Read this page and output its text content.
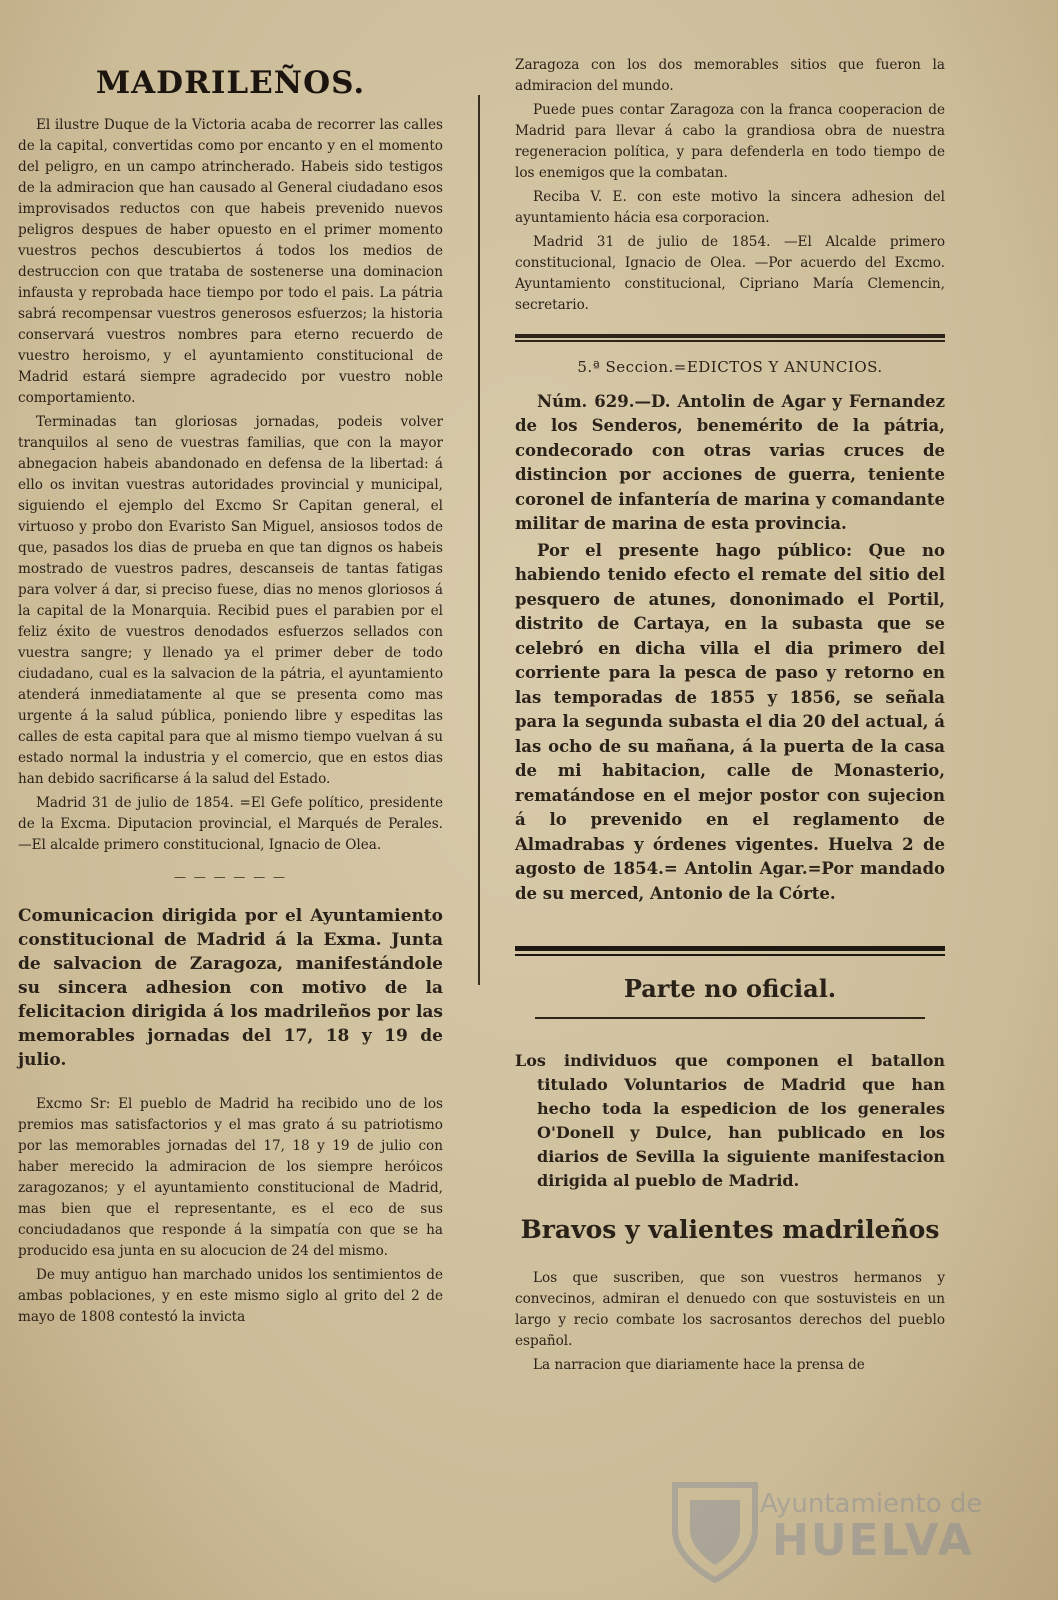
MADRILEÑOS.

El ilustre Duque de la Victoria acaba de recorrer las calles de la capital, convertidas como por encanto y en el momento del peligro, en un campo atrincherado. Habeis sido testigos de la admiracion que han causado al General ciudadano esos improvisados reductos con que habeis prevenido nuevos peligros despues de haber opuesto en el primer momento vuestros pechos descubiertos á todos los medios de destruccion con que trataba de sostenerse una dominacion infausta y reprobada hace tiempo por todo el pais. La pátria sabrá recompensar vuestros generosos esfuerzos; la historia conservará vuestros nombres para eterno recuerdo de vuestro heroismo, y el ayuntamiento constitucional de Madrid estará siempre agradecido por vuestro noble comportamiento.

Terminadas tan gloriosas jornadas, podeis volver tranquilos al seno de vuestras familias, que con la mayor abnegacion habeis abandonado en defensa de la libertad: á ello os invitan vuestras autoridades provincial y municipal, siguiendo el ejemplo del Excmo Sr Capitan general, el virtuoso y probo don Evaristo San Miguel, ansiosos todos de que, pasados los dias de prueba en que tan dignos os habeis mostrado de vuestros padres, descanseis de tantas fatigas para volver á dar, si preciso fuese, dias no menos gloriosos á la capital de la Monarquia. Recibid pues el parabien por el feliz éxito de vuestros denodados esfuerzos sellados con vuestra sangre; y llenado ya el primer deber de todo ciudadano, cual es la salvacion de la pátria, el ayuntamiento atenderá inmediatamente al que se presenta como mas urgente á la salud pública, poniendo libre y espeditas las calles de esta capital para que al mismo tiempo vuelvan á su estado normal la industria y el comercio, que en estos dias han debido sacrificarse á la salud del Estado.

Madrid 31 de julio de 1854. =El Gefe político, presidente de la Excma. Diputacion provincial, el Marqués de Perales. —El alcalde primero constitucional, Ignacio de Olea.

— — — — — —
Comunicacion dirigida por el Ayuntamiento constitucional de Madrid á la Exma. Junta de salvacion de Zaragoza, manifestándole su sincera adhesion con motivo de la felicitacion dirigida á los madrileños por las memorables jornadas del 17, 18 y 19 de julio.

Excmo Sr: El pueblo de Madrid ha recibido uno de los premios mas satisfactorios y el mas grato á su patriotismo por las memorables jornadas del 17, 18 y 19 de julio con haber merecido la admiracion de los siempre heróicos zaragozanos; y el ayuntamiento constitucional de Madrid, mas bien que el representante, es el eco de sus conciudadanos que responde á la simpatía con que se ha producido esa junta en su alocucion de 24 del mismo.

De muy antiguo han marchado unidos los sentimientos de ambas poblaciones, y en este mismo siglo al grito del 2 de mayo de 1808 contestó la invicta

Zaragoza con los dos memorables sitios que fueron la admiracion del mundo.

Puede pues contar Zaragoza con la franca cooperacion de Madrid para llevar á cabo la grandiosa obra de nuestra regeneracion política, y para defenderla en todo tiempo de los enemigos que la combatan.

Reciba V. E. con este motivo la sincera adhesion del ayuntamiento hácia esa corporacion.

Madrid 31 de julio de 1854. —El Alcalde primero constitucional, Ignacio de Olea. —Por acuerdo del Excmo. Ayuntamiento constitucional, Cipriano María Clemencin, secretario.

5.ª Seccion.=EDICTOS Y ANUNCIOS.

Núm. 629.—D. Antolin de Agar y Fernandez de los Senderos, benemérito de la pátria, condecorado con otras varias cruces de distincion por acciones de guerra, teniente coronel de infantería de marina y comandante militar de marina de esta provincia.

Por el presente hago público: Que no habiendo tenido efecto el remate del sitio del pesquero de atunes, dononimado el Portil, distrito de Cartaya, en la subasta que se celebró en dicha villa el dia primero del corriente para la pesca de paso y retorno en las temporadas de 1855 y 1856, se señala para la segunda subasta el dia 20 del actual, á las ocho de su mañana, á la puerta de la casa de mi habitacion, calle de Monasterio, rematándose en el mejor postor con sujecion á lo prevenido en el reglamento de Almadrabas y órdenes vigentes. Huelva 2 de agosto de 1854.= Antolin Agar.=Por mandado de su merced, Antonio de la Córte.

Parte no oficial.

Los individuos que componen el batallon titulado Voluntarios de Madrid que han hecho toda la espedicion de los generales O'Donell y Dulce, han publicado en los diarios de Sevilla la siguiente manifestacion dirigida al pueblo de Madrid.

Bravos y valientes madrileños

Los que suscriben, que son vuestros hermanos y convecinos, admiran el denuedo con que sostuvisteis en un largo y recio combate los sacrosantos derechos del pueblo español.

La narracion que diariamente hace la prensa de

Ayuntamiento de
HUELVA
